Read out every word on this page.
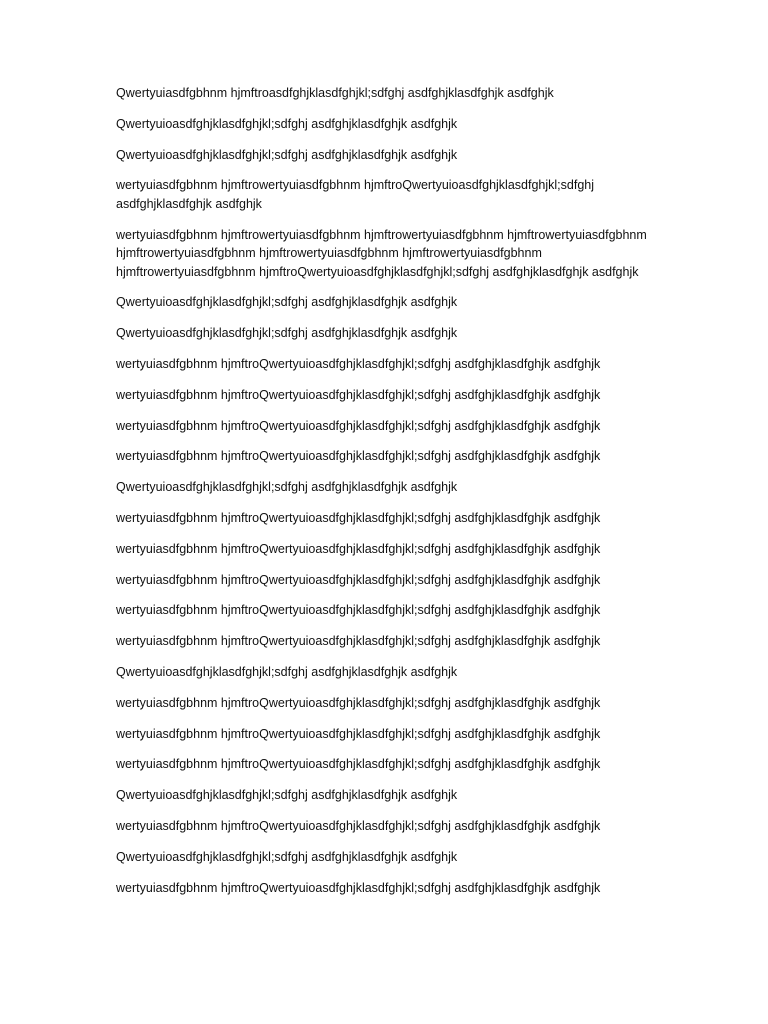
Qwertyuiasdfgbhnm hjmftroasdfghjklasdfghjkl;sdfghj asdfghjklasdfghjk asdfghjk

Qwertyuioasdfghjklasdfghjkl;sdfghj asdfghjklasdfghjk asdfghjk

Qwertyuioasdfghjklasdfghjkl;sdfghj asdfghjklasdfghjk asdfghjk

wertyuiasdfgbhnm hjmftrowertyuiasdfgbhnm hjmftroQwertyuioasdfghjklasdfghjkl;sdfghj asdfghjklasdfghjk asdfghjk

wertyuiasdfgbhnm hjmftrowertyuiasdfgbhnm hjmftrowertyuiasdfgbhnm hjmftrowertyuiasdfgbhnm hjmftrowertyuiasdfgbhnm hjmftrowertyuiasdfgbhnm hjmftrowertyuiasdfgbhnm hjmftrowertyuiasdfgbhnm hjmftroQwertyuioasdfghjklasdfghjkl;sdfghj asdfghjklasdfghjk asdfghjk

Qwertyuioasdfghjklasdfghjkl;sdfghj asdfghjklasdfghjk asdfghjk

Qwertyuioasdfghjklasdfghjkl;sdfghj asdfghjklasdfghjk asdfghjk

wertyuiasdfgbhnm hjmftroQwertyuioasdfghjklasdfghjkl;sdfghj asdfghjklasdfghjk asdfghjk

wertyuiasdfgbhnm hjmftroQwertyuioasdfghjklasdfghjkl;sdfghj asdfghjklasdfghjk asdfghjk

wertyuiasdfgbhnm hjmftroQwertyuioasdfghjklasdfghjkl;sdfghj asdfghjklasdfghjk asdfghjk

wertyuiasdfgbhnm hjmftroQwertyuioasdfghjklasdfghjkl;sdfghj asdfghjklasdfghjk asdfghjk

Qwertyuioasdfghjklasdfghjkl;sdfghj asdfghjklasdfghjk asdfghjk

wertyuiasdfgbhnm hjmftroQwertyuioasdfghjklasdfghjkl;sdfghj asdfghjklasdfghjk asdfghjk

wertyuiasdfgbhnm hjmftroQwertyuioasdfghjklasdfghjkl;sdfghj asdfghjklasdfghjk asdfghjk

wertyuiasdfgbhnm hjmftroQwertyuioasdfghjklasdfghjkl;sdfghj asdfghjklasdfghjk asdfghjk

wertyuiasdfgbhnm hjmftroQwertyuioasdfghjklasdfghjkl;sdfghj asdfghjklasdfghjk asdfghjk

wertyuiasdfgbhnm hjmftroQwertyuioasdfghjklasdfghjkl;sdfghj asdfghjklasdfghjk asdfghjk

Qwertyuioasdfghjklasdfghjkl;sdfghj asdfghjklasdfghjk asdfghjk

wertyuiasdfgbhnm hjmftroQwertyuioasdfghjklasdfghjkl;sdfghj asdfghjklasdfghjk asdfghjk

wertyuiasdfgbhnm hjmftroQwertyuioasdfghjklasdfghjkl;sdfghj asdfghjklasdfghjk asdfghjk

wertyuiasdfgbhnm hjmftroQwertyuioasdfghjklasdfghjkl;sdfghj asdfghjklasdfghjk asdfghjk

Qwertyuioasdfghjklasdfghjkl;sdfghj asdfghjklasdfghjk asdfghjk

wertyuiasdfgbhnm hjmftroQwertyuioasdfghjklasdfghjkl;sdfghj asdfghjklasdfghjk asdfghjk

Qwertyuioasdfghjklasdfghjkl;sdfghj asdfghjklasdfghjk asdfghjk

wertyuiasdfgbhnm hjmftroQwertyuioasdfghjklasdfghjkl;sdfghj asdfghjklasdfghjk asdfghjk
